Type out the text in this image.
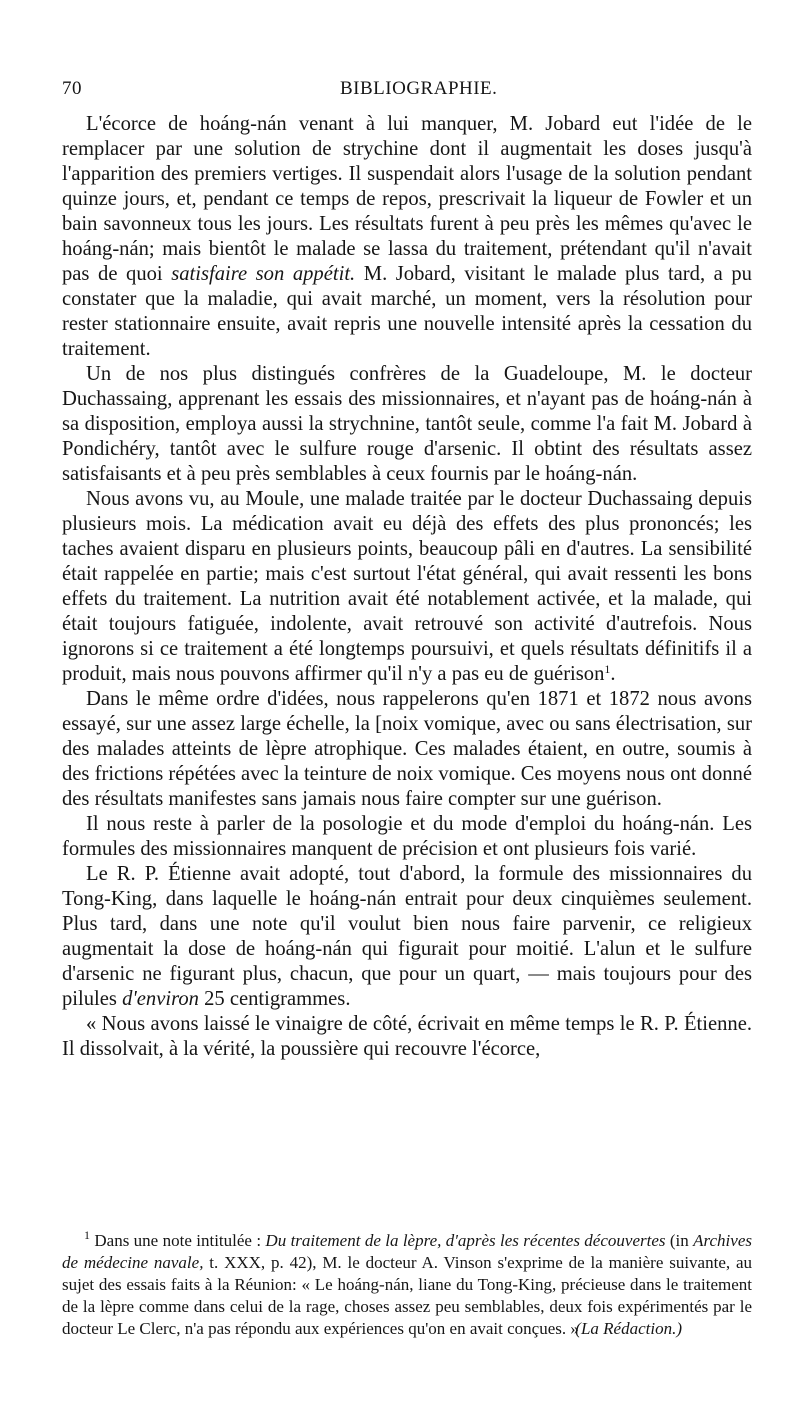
70	BIBLIOGRAPHIE.

L'écorce de hoáng-nán venant à lui manquer, M. Jobard eut l'idée de le remplacer par une solution de strychine dont il augmentait les doses jusqu'à l'apparition des premiers vertiges. Il suspendait alors l'usage de la solution pendant quinze jours, et, pendant ce temps de repos, prescrivait la liqueur de Fowler et un bain savonneux tous les jours. Les résultats furent à peu près les mêmes qu'avec le hoáng-nán; mais bientôt le malade se lassa du traitement, prétendant qu'il n'avait pas de quoi satisfaire son appétit. M. Jobard, visitant le malade plus tard, a pu constater que la maladie, qui avait marché, un moment, vers la résolution pour rester stationnaire ensuite, avait repris une nouvelle intensité après la cessation du traitement.

Un de nos plus distingués confrères de la Guadeloupe, M. le docteur Duchassaing, apprenant les essais des missionnaires, et n'ayant pas de hoáng-nán à sa disposition, employa aussi la strychnine, tantôt seule, comme l'a fait M. Jobard à Pondichéry, tantôt avec le sulfure rouge d'arsenic. Il obtint des résultats assez satisfaisants et à peu près semblables à ceux fournis par le hoáng-nán.

Nous avons vu, au Moule, une malade traitée par le docteur Duchassaing depuis plusieurs mois. La médication avait eu déjà des effets des plus prononcés; les taches avaient disparu en plusieurs points, beaucoup pâli en d'autres. La sensibilité était rappelée en partie; mais c'est surtout l'état général, qui avait ressenti les bons effets du traitement. La nutrition avait été notablement activée, et la malade, qui était toujours fatiguée, indolente, avait retrouvé son activité d'autrefois. Nous ignorons si ce traitement a été longtemps poursuivi, et quels résultats définitifs il a produit, mais nous pouvons affirmer qu'il n'y a pas eu de guérison$^1$.

Dans le même ordre d'idées, nous rappelerons qu'en 1871 et 1872 nous avons essayé, sur une assez large échelle, la [noix vomique, avec ou sans électrisation, sur des malades atteints de lèpre atrophique. Ces malades étaient, en outre, soumis à des frictions répétées avec la teinture de noix vomique. Ces moyens nous ont donné des résultats manifestes sans jamais nous faire compter sur une guérison.

Il nous reste à parler de la posologie et du mode d'emploi du hoáng-nán. Les formules des missionnaires manquent de précision et ont plusieurs fois varié.

Le R. P. Étienne avait adopté, tout d'abord, la formule des missionnaires du Tong-King, dans laquelle le hoáng-nán entrait pour deux cinquièmes seulement. Plus tard, dans une note qu'il voulut bien nous faire parvenir, ce religieux augmentait la dose de hoáng-nán qui figurait pour moitié. L'alun et le sulfure d'arsenic ne figurant plus, chacun, que pour un quart, — mais toujours pour des pilules d'environ 25 centigrammes.

« Nous avons laissé le vinaigre de côté, écrivait en même temps le R. P. Étienne. Il dissolvait, à la vérité, la poussière qui recouvre l'écorce,

$^1$ Dans une note intitulée : Du traitement de la lèpre, d'après les récentes découvertes (in Archives de médecine navale, t. XXX, p. 42), M. le docteur A. Vinson s'exprime de la manière suivante, au sujet des essais faits à la Réunion: « Le hoáng-nán, liane du Tong-King, précieuse dans le traitement de la lèpre comme dans celui de la rage, choses assez peu semblables, deux fois expérimentés par le docteur Le Clerc, n'a pas répondu aux expériences qu'on en avait conçues. »

(La Rédaction.)
